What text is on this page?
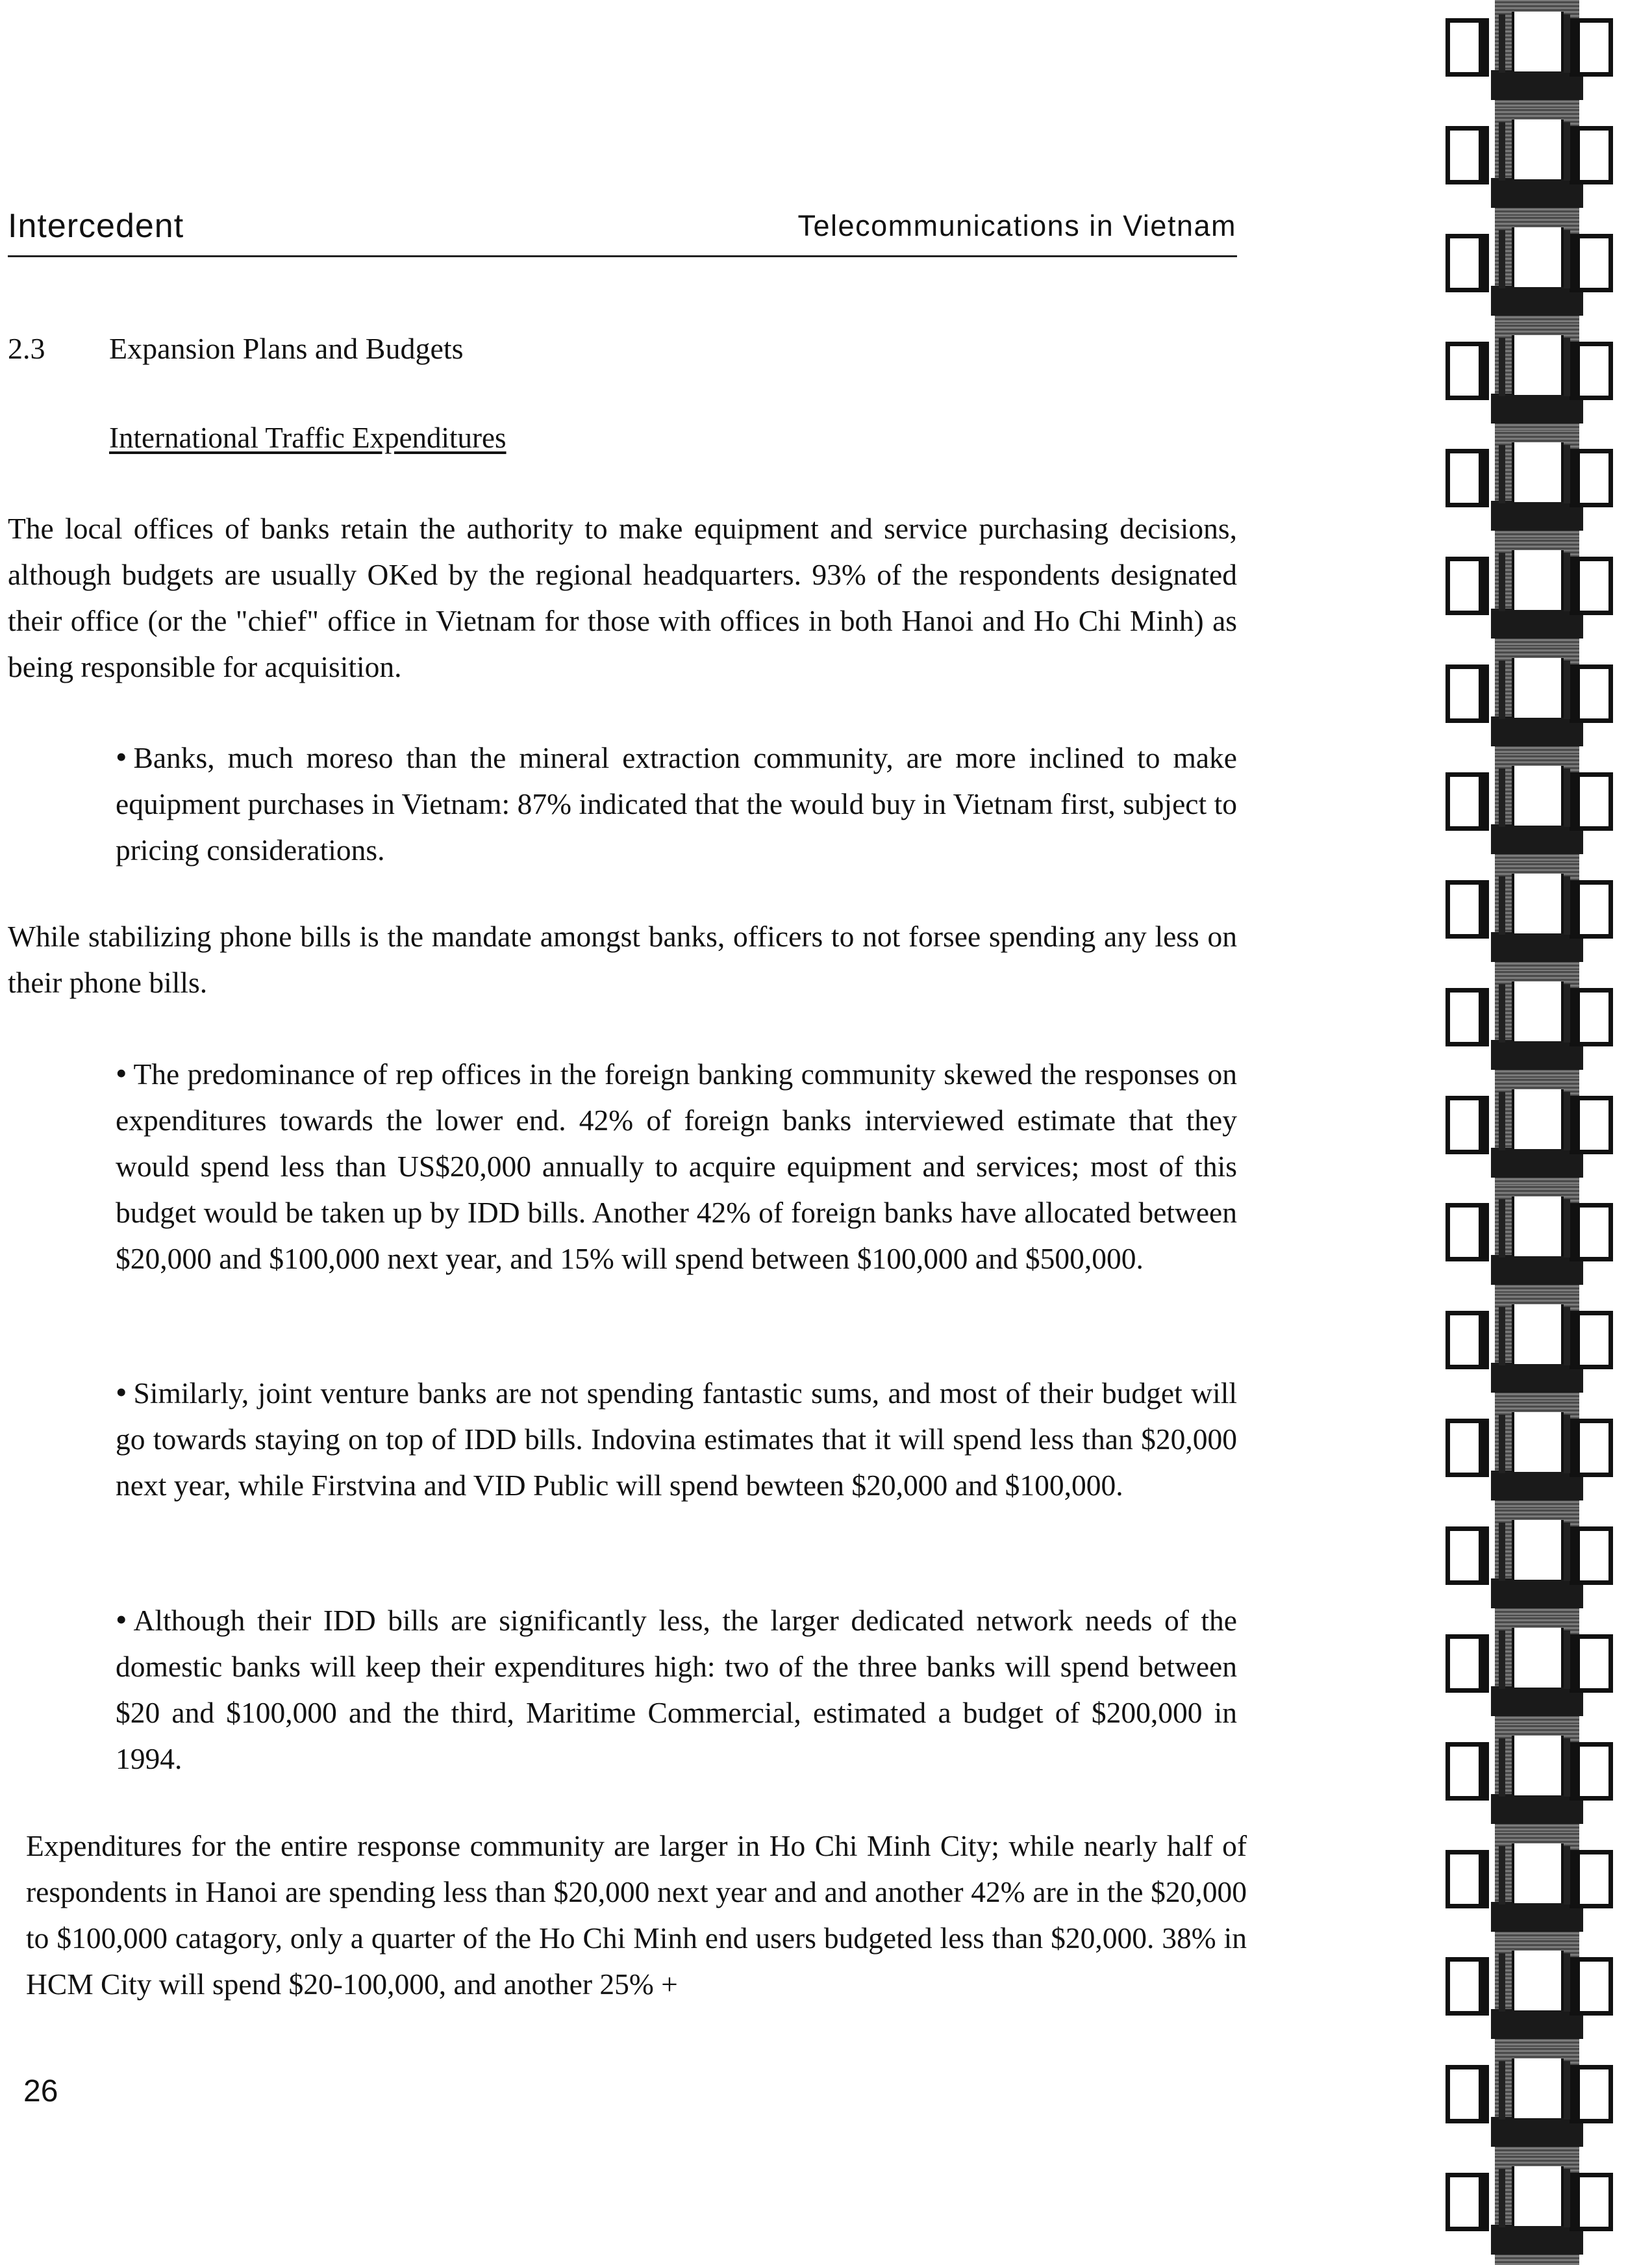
Intercedent	Telecommunications in Vietnam
2.3 Expansion Plans and Budgets
International Traffic Expenditures

The local offices of banks retain the authority to make equipment and service purchasing decisions, although budgets are usually OKed by the regional headquarters. 93% of the respondents designated their office (or the "chief" office in Vietnam for those with offices in both Hanoi and Ho Chi Minh) as being responsible for acquisition.

• Banks, much moreso than the mineral extraction community, are more inclined to make equipment purchases in Vietnam: 87% indicated that the would buy in Vietnam first, subject to pricing considerations.

While stabilizing phone bills is the mandate amongst banks, officers to not forsee spending any less on their phone bills.

• The predominance of rep offices in the foreign banking community skewed the responses on expenditures towards the lower end. 42% of foreign banks interviewed estimate that they would spend less than US$20,000 annually to acquire equipment and services; most of this budget would be taken up by IDD bills. Another 42% of foreign banks have allocated between $20,000 and $100,000 next year, and 15% will spend between $100,000 and $500,000.

• Similarly, joint venture banks are not spending fantastic sums, and most of their budget will go towards staying on top of IDD bills. Indovina estimates that it will spend less than $20,000 next year, while Firstvina and VID Public will spend bewteen $20,000 and $100,000.

• Although their IDD bills are significantly less, the larger dedicated network needs of the domestic banks will keep their expenditures high: two of the three banks will spend between $20 and $100,000 and the third, Maritime Commercial, estimated a budget of $200,000 in 1994.

Expenditures for the entire response community are larger in Ho Chi Minh City; while nearly half of respondents in Hanoi are spending less than $20,000 next year and and another 42% are in the $20,000 to $100,000 catagory, only a quarter of the Ho Chi Minh end users budgeted less than $20,000. 38% in HCM City will spend $20-100,000, and another 25% +

26
